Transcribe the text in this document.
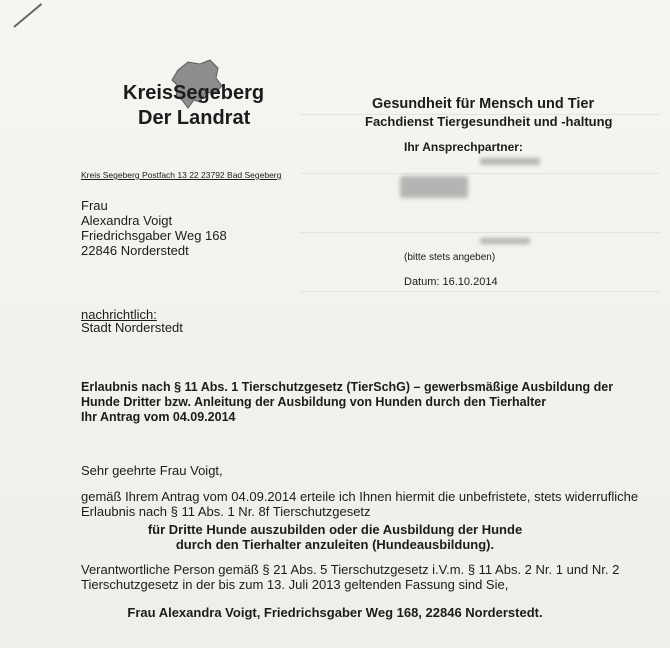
Kreis Segeberg
Der Landrat
Gesundheit für Mensch und Tier
Fachdienst Tiergesundheit und -haltung
Ihr Ansprechpartner:
(bitte stets angeben)
Datum: 16.10.2014
Kreis Segeberg Postfach 13 22 23792 Bad Segeberg
Frau
Alexandra Voigt
Friedrichsgaber Weg 168
22846 Norderstedt
nachrichtlich:
Stadt Norderstedt
Erlaubnis nach § 11 Abs. 1 Tierschutzgesetz (TierSchG) – gewerbsmäßige Ausbildung der
Hunde Dritter bzw. Anleitung der Ausbildung von Hunden durch den Tierhalter
Ihr Antrag vom 04.09.2014
Sehr geehrte Frau Voigt,
gemäß Ihrem Antrag vom 04.09.2014 erteile ich Ihnen hiermit die unbefristete, stets widerrufliche
Erlaubnis nach § 11 Abs. 1 Nr. 8f Tierschutzgesetz
für Dritte Hunde auszubilden oder die Ausbildung der Hunde
durch den Tierhalter anzuleiten (Hundeausbildung).
Verantwortliche Person gemäß § 21 Abs. 5 Tierschutzgesetz i.V.m. § 11 Abs. 2 Nr. 1 und Nr. 2
Tierschutzgesetz in der bis zum 13. Juli 2013 geltenden Fassung sind Sie,
Frau Alexandra Voigt, Friedrichsgaber Weg 168, 22846 Norderstedt.
